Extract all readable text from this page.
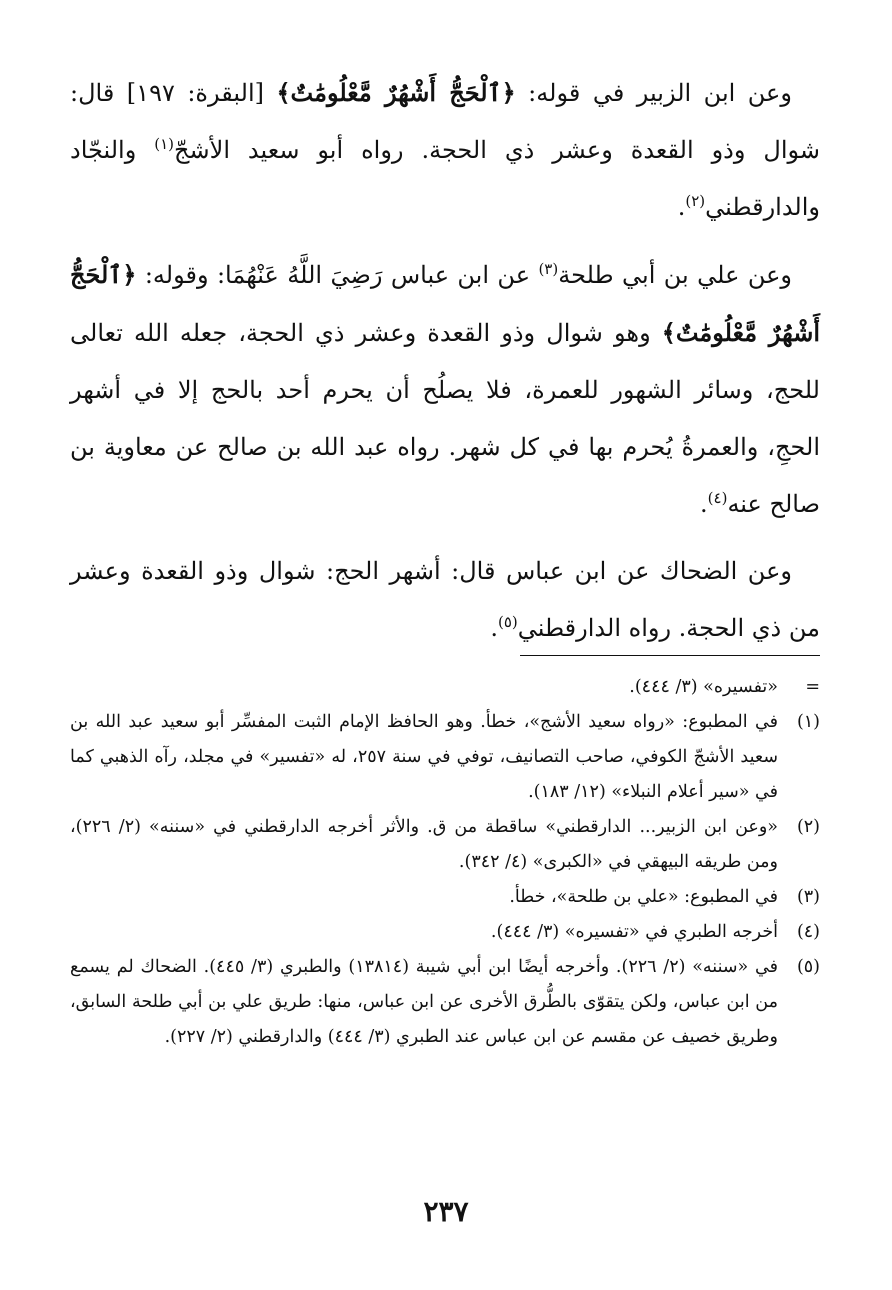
وعن ابن الزبير في قوله: ﴿ٱلْحَجُّ أَشْهُرٌ مَّعْلُومَٰتٌ﴾ [البقرة: ١٩٧] قال: شوال وذو القعدة وعشر ذي الحجة. رواه أبو سعيد الأشجّ$^{(١)}$ والنجّاد والدارقطني$^{(٢)}$.

وعن علي بن أبي طلحة$^{(٣)}$ عن ابن عباس رَضِيَ اللَّهُ عَنْهُمَا: وقوله: ﴿ٱلْحَجُّ أَشْهُرٌ مَّعْلُومَٰتٌ﴾ وهو شوال وذو القعدة وعشر ذي الحجة، جعله الله تعالى للحج، وسائر الشهور للعمرة، فلا يصلُح أن يحرم أحد بالحج إلا في أشهر الحجِ، والعمرةُ يُحرم بها في كل شهر. رواه عبد الله بن صالح عن معاوية بن صالح عنه$^{(٤)}$.

وعن الضحاك عن ابن عباس قال: أشهر الحج: شوال وذو القعدة وعشر من ذي الحجة. رواه الدارقطني$^{(٥)}$.

=
«تفسيره» (٣/ ٤٤٤).
(١)
في المطبوع: «رواه سعيد الأشج»، خطأ. وهو الحافظ الإمام الثبت المفسِّر أبو سعيد عبد الله بن سعيد الأشجّ الكوفي، صاحب التصانيف، توفي في سنة ٢٥٧، له «تفسير» في مجلد، رآه الذهبي كما في «سير أعلام النبلاء» (١٢/ ١٨٣).
(٢)
«وعن ابن الزبير... الدارقطني» ساقطة من ق. والأثر أخرجه الدارقطني في «سننه» (٢/ ٢٢٦)، ومن طريقه البيهقي في «الكبرى» (٤/ ٣٤٢).
(٣)
في المطبوع: «علي بن طلحة»، خطأ.
(٤)
أخرجه الطبري في «تفسيره» (٣/ ٤٤٤).
(٥)
في «سننه» (٢/ ٢٢٦). وأخرجه أيضًا ابن أبي شيبة (١٣٨١٤) والطبري (٣/ ٤٤٥). الضحاك لم يسمع من ابن عباس، ولكن يتقوّى بالطُّرق الأخرى عن ابن عباس، منها: طريق علي بن أبي طلحة السابق، وطريق خصيف عن مقسم عن ابن عباس عند الطبري (٣/ ٤٤٤) والدارقطني (٢/ ٢٢٧).
٢٣٧
